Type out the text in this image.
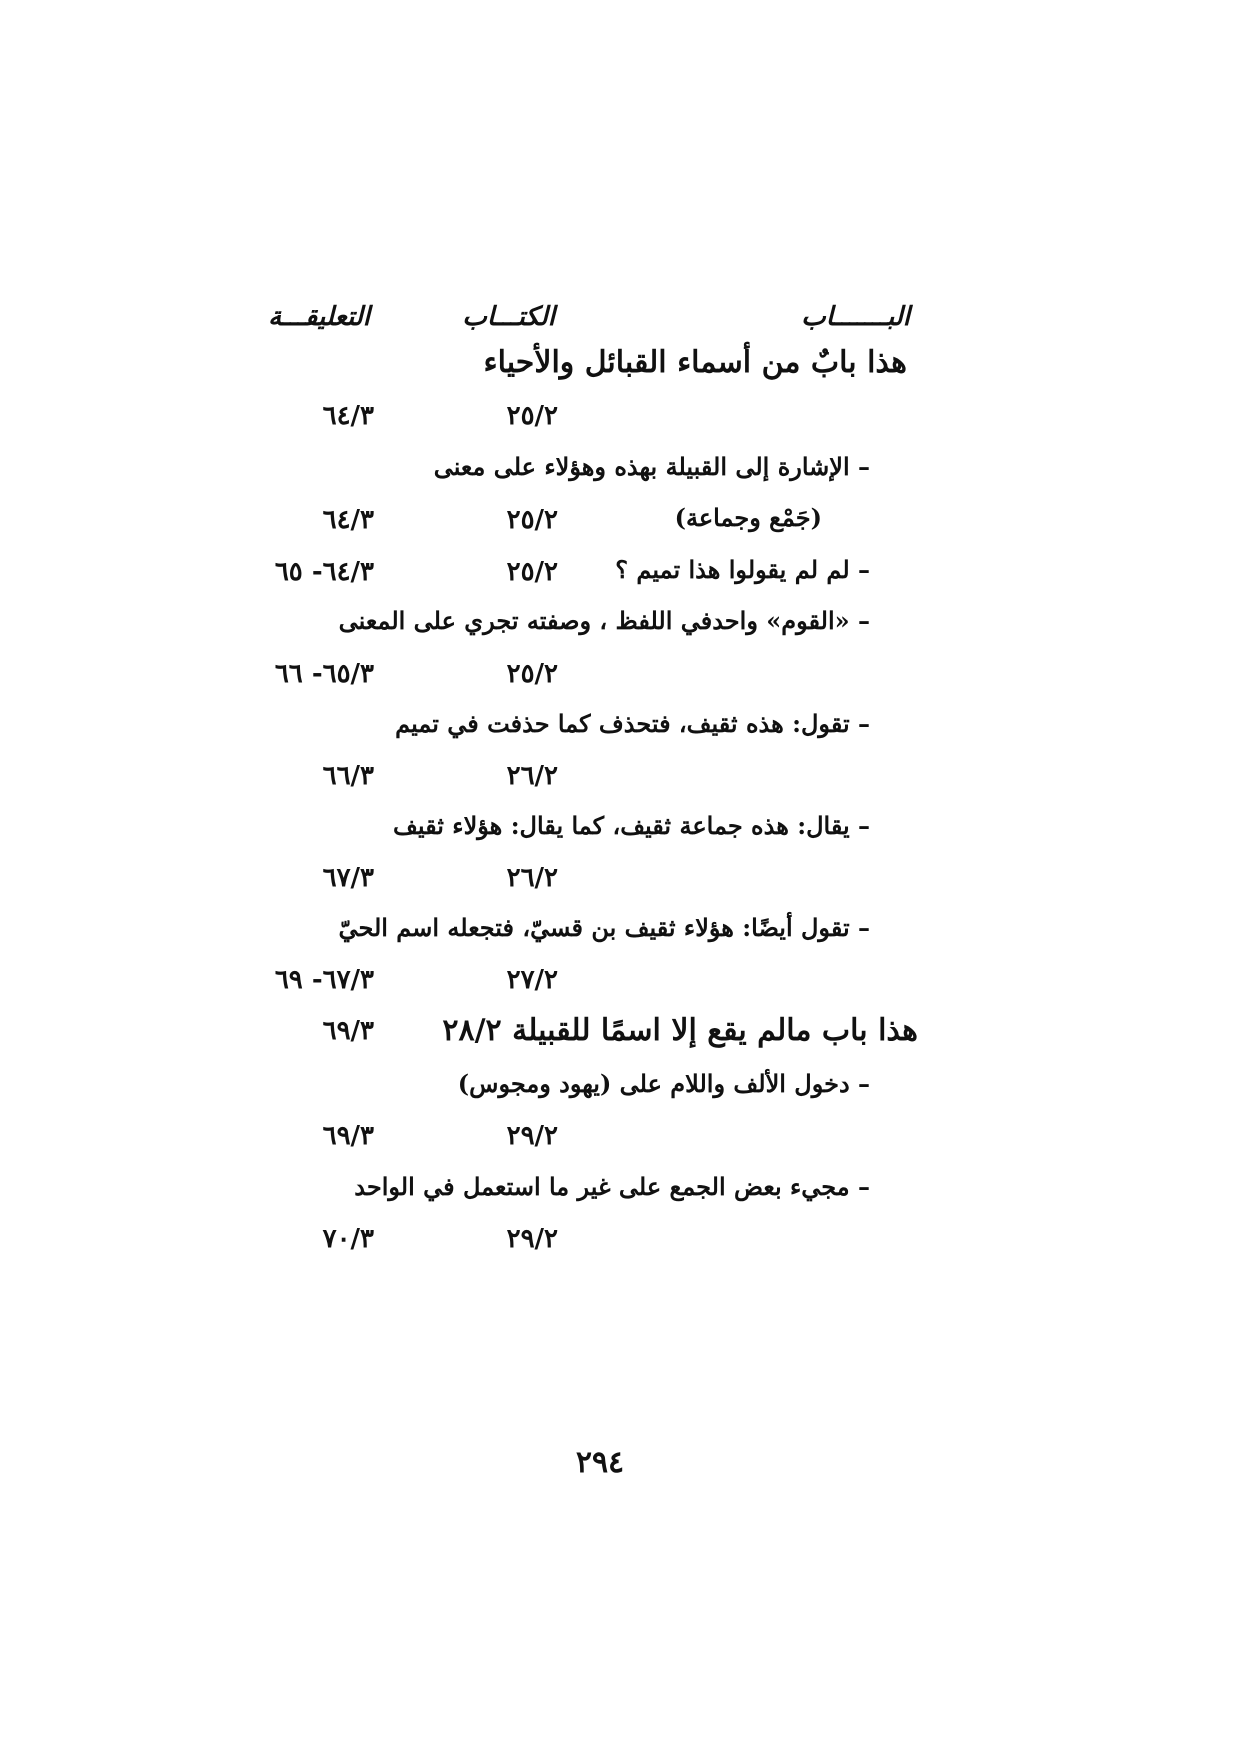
البـــــــاب
الكتـــاب
التعليقـــة
هذا بابٌ من أسماء القبائل والأحياء
٢٥/٢
٦٤/٣
– الإشارة إلى القبيلة بهذه وهؤلاء على معنى
(جَمْع وجماعة)
٢٥/٢
٦٤/٣
– لم لم يقولوا هذا تميم ؟
٢٥/٢
٦٤/٣- ٦٥
– «القوم» واحدفي اللفظ ، وصفته تجري على المعنى
٢٥/٢
٦٥/٣- ٦٦
– تقول: هذه ثقيف، فتحذف كما حذفت في تميم
٢٦/٢
٦٦/٣
– يقال: هذه جماعة ثقيف، كما يقال: هؤلاء ثقيف
٢٦/٢
٦٧/٣
– تقول أيضًا: هؤلاء ثقيف بن قسيّ، فتجعله اسم الحيّ
٢٧/٢
٦٧/٣- ٦٩
هذا باب مالم يقع إلا اسمًا للقبيلة ٢٨/٢
٦٩/٣
– دخول الألف واللام على (يهود ومجوس)
٢٩/٢
٦٩/٣
– مجيء بعض الجمع على غير ما استعمل في الواحد
٢٩/٢
٧٠/٣
٢٩٤
